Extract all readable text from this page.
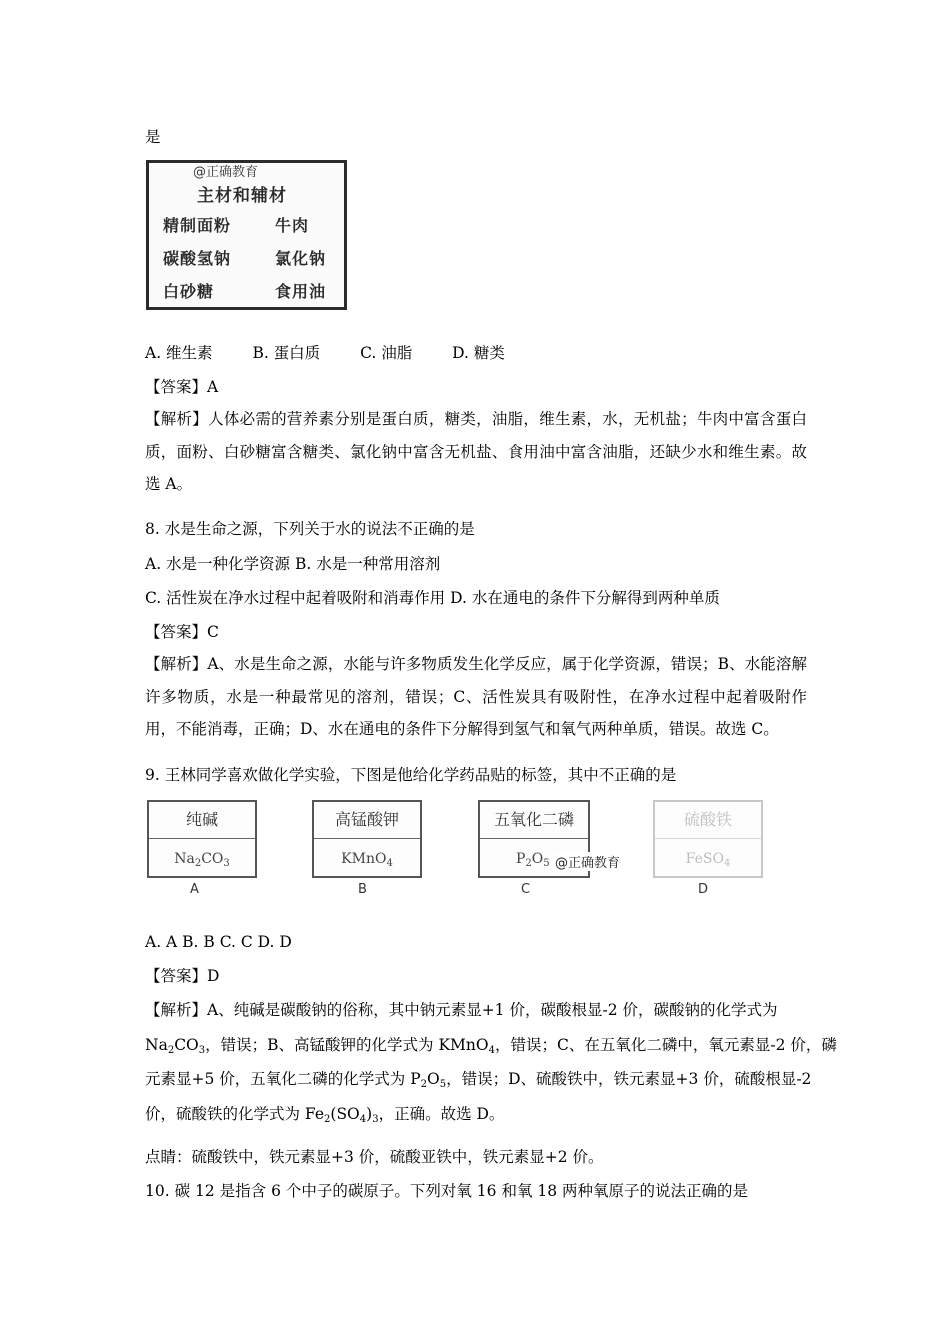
是
@正确教育
主材和辅材
精制面粉	牛肉
碳酸氢钠	氯化钠
白砂糖	食用油
A. 维生素	B. 蛋白质	C. 油脂	D. 糖类
【答案】A
【解析】人体必需的营养素分别是蛋白质，糖类，油脂，维生素，水，无机盐；牛肉中富含蛋白质，面粉、白砂糖富含糖类、氯化钠中富含无机盐、食用油中富含油脂，还缺少水和维生素。故选 A。
8. 水是生命之源，下列关于水的说法不正确的是
A. 水是一种化学资源 B. 水是一种常用溶剂
C. 活性炭在净水过程中起着吸附和消毒作用 D. 水在通电的条件下分解得到两种单质
【答案】C
【解析】A、水是生命之源，水能与许多物质发生化学反应，属于化学资源，错误；B、水能溶解许多物质，水是一种最常见的溶剂，错误；C、活性炭具有吸附性，在净水过程中起着吸附作用，不能消毒，正确；D、水在通电的条件下分解得到氢气和氧气两种单质，错误。故选 C。
9. 王林同学喜欢做化学实验，下图是他给化学药品贴的标签，其中不正确的是
纯碱
$Na_2CO_3$
高锰酸钾
KMnO$_4$
五氧化二磷
$P_2O_5$ @正确教育
硫酸铁
FeSO$_4$
A	B	C	D
A. A B. B C. C D. D
【答案】D
【解析】A、纯碱是碳酸钠的俗称，其中钠元素显+1 价，碳酸根显-2 价，碳酸钠的化学式为
$Na_2CO_3$，错误；B、高锰酸钾的化学式为 KMnO$_4$，错误；C、在五氧化二磷中，氧元素显-2 价，磷
元素显+5 价，五氧化二磷的化学式为 $P_2O_5$，错误；D、硫酸铁中，铁元素显+3 价，硫酸根显-2
价，硫酸铁的化学式为 $Fe_2(SO_4)_3$，正确。故选 D。
点睛：硫酸铁中，铁元素显+3 价，硫酸亚铁中，铁元素显+2 价。
10. 碳 12 是指含 6 个中子的碳原子。下列对氧 16 和氧 18 两种氧原子的说法正确的是
